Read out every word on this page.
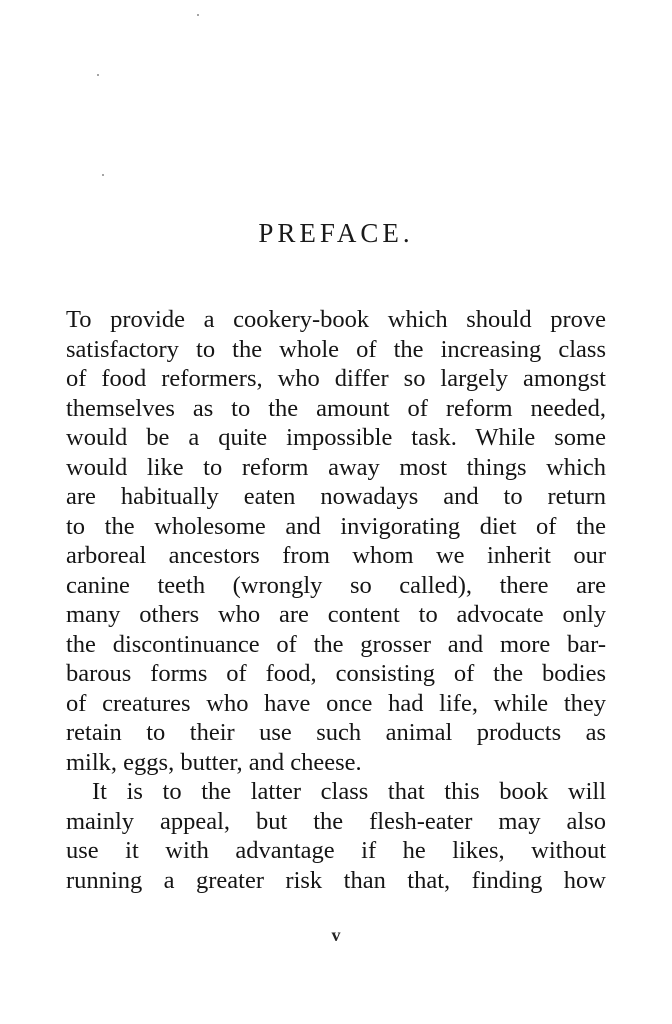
PREFACE.
To provide a cookery-book which should prove
satisfactory to the whole of the increasing class
of food reformers, who differ so largely amongst
themselves as to the amount of reform needed,
would be a quite impossible task. While some
would like to reform away most things which
are habitually eaten nowadays and to return
to the wholesome and invigorating diet of the
arboreal ancestors from whom we inherit our
canine teeth (wrongly so called), there are
many others who are content to advocate only
the discontinuance of the grosser and more bar-
barous forms of food, consisting of the bodies
of creatures who have once had life, while they
retain to their use such animal products as
milk, eggs, butter, and cheese.
It is to the latter class that this book will
mainly appeal, but the flesh-eater may also
use it with advantage if he likes, without
running a greater risk than that, finding how
v
